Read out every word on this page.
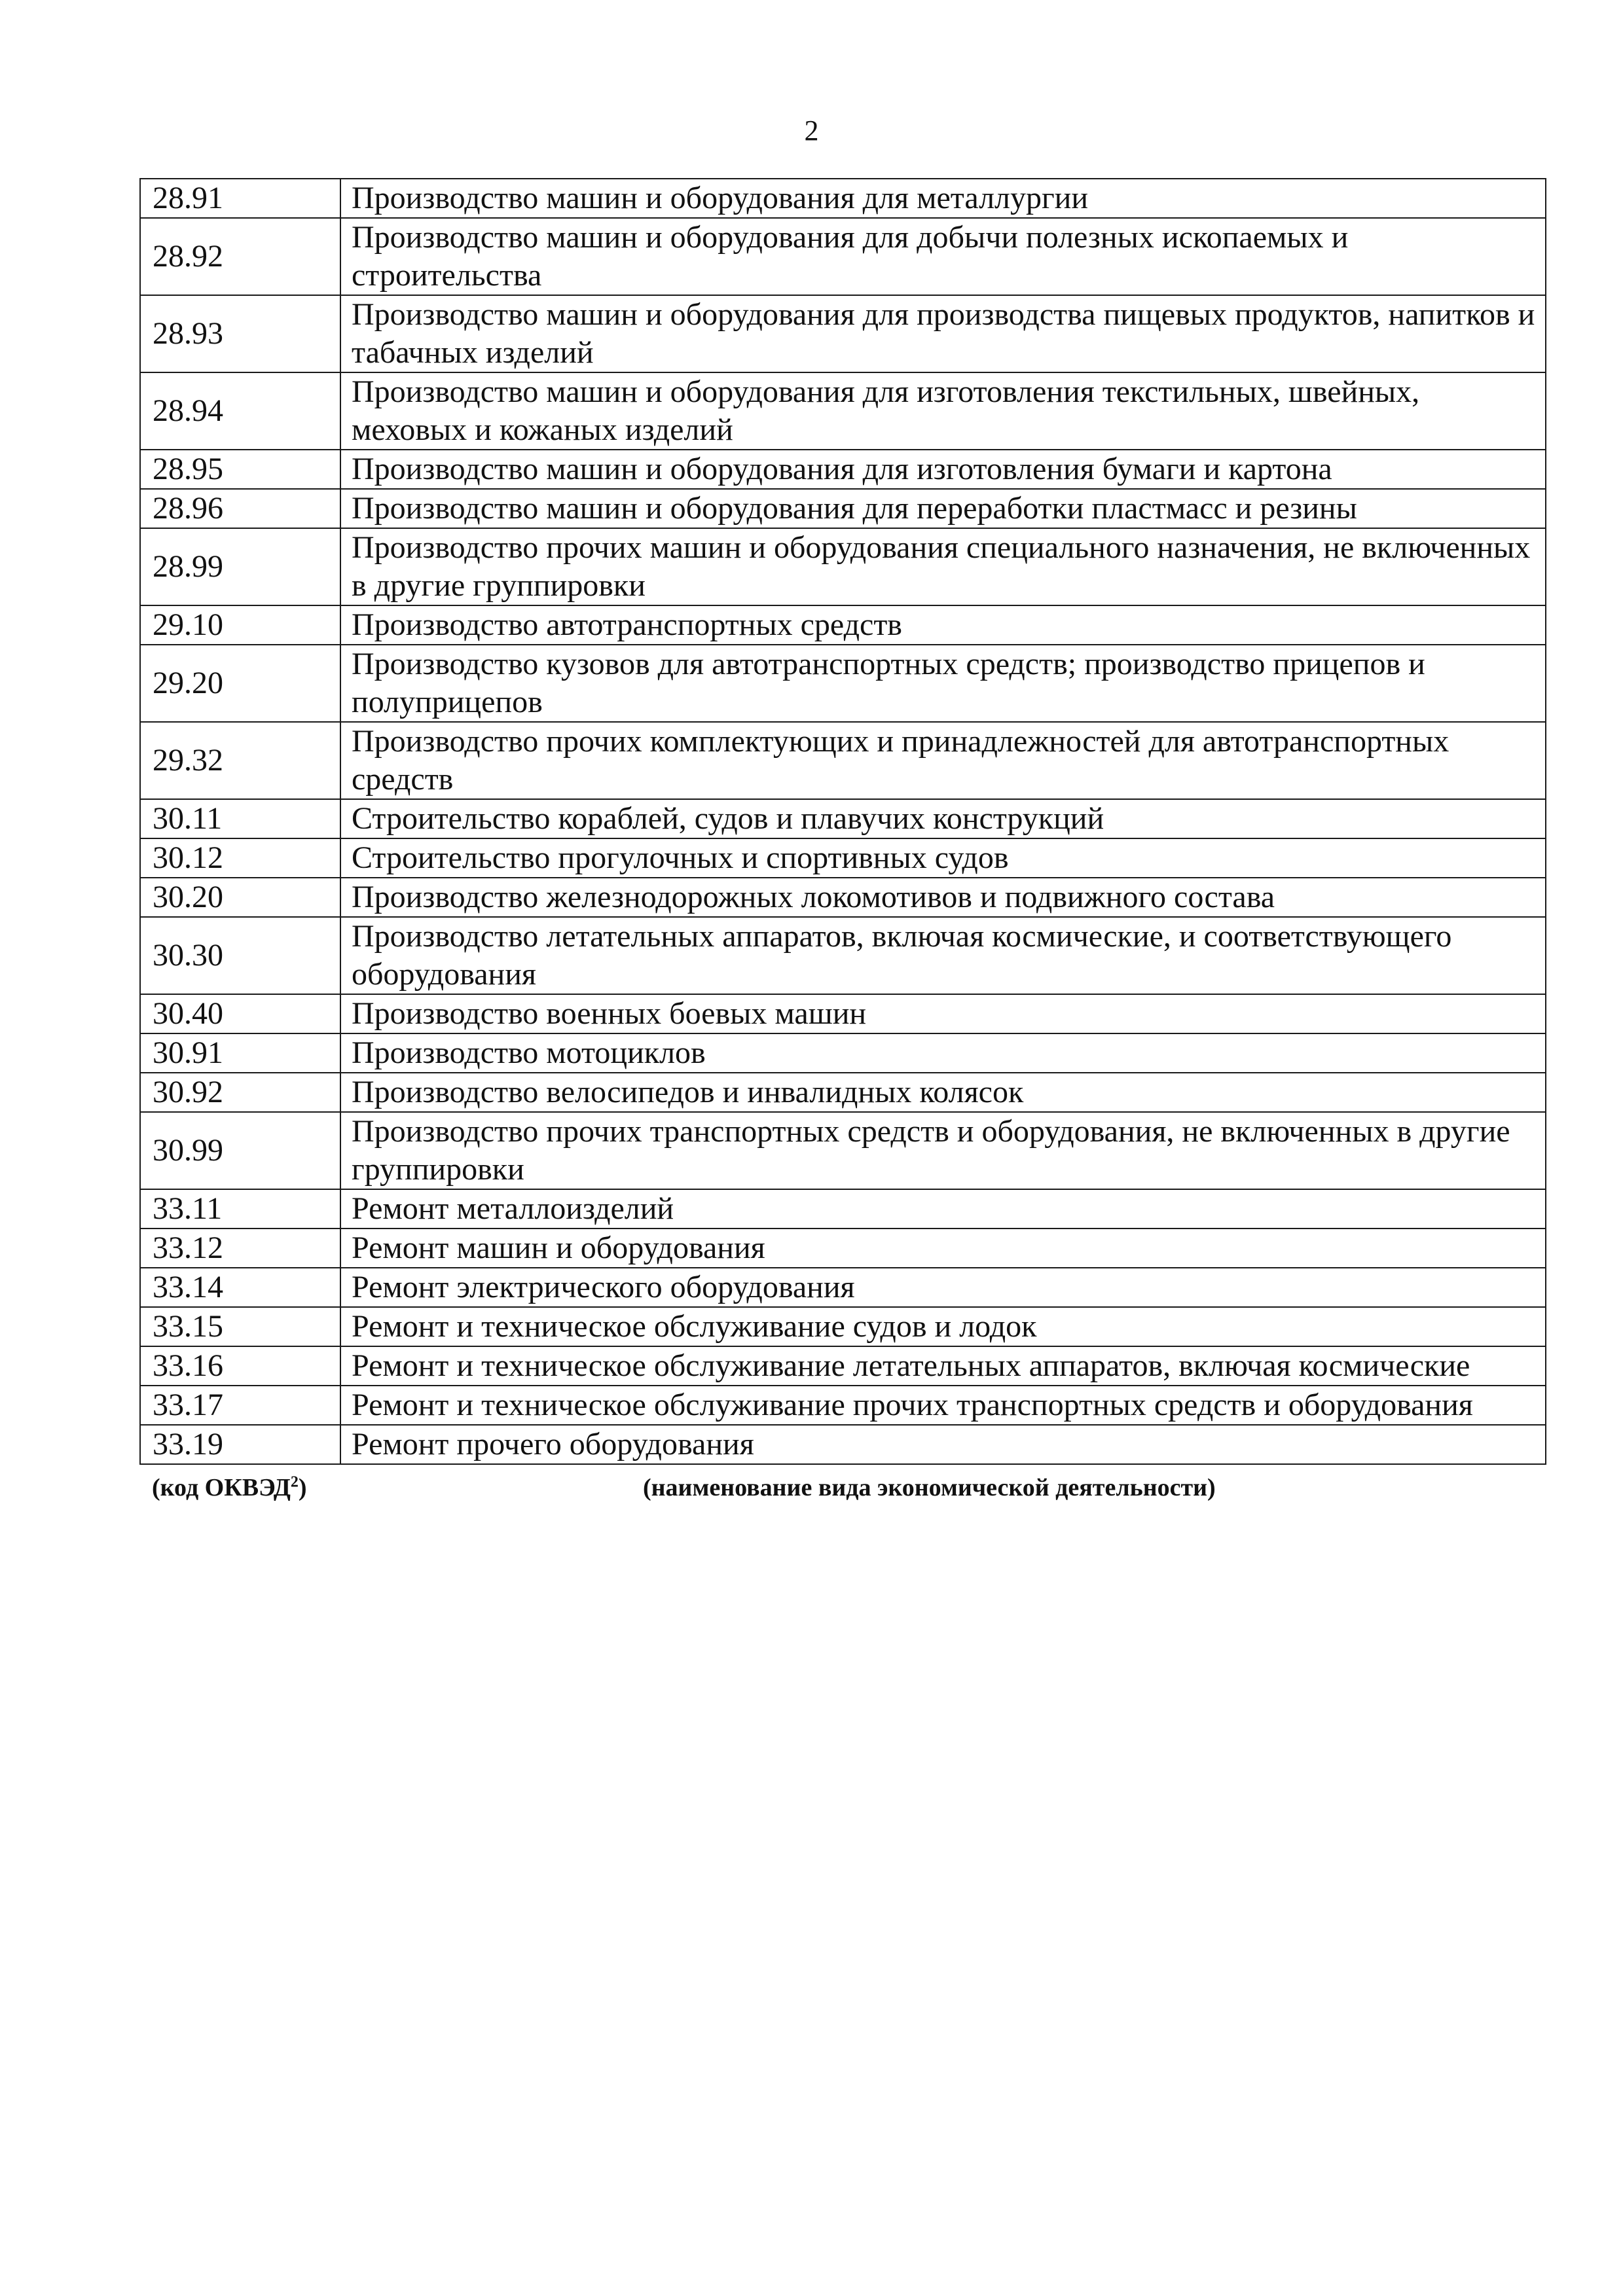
2
28.91	Производство машин и оборудования для металлургии
28.92	Производство машин и оборудования для добычи полезных ископаемых и строительства
28.93	Производство машин и оборудования для производства пищевых продуктов, напитков и табачных изделий
28.94	Производство машин и оборудования для изготовления текстильных, швейных, меховых и кожаных изделий
28.95	Производство машин и оборудования для изготовления бумаги и картона
28.96	Производство машин и оборудования для переработки пластмасс и резины
28.99	Производство прочих машин и оборудования специального назначения, не включенных в другие группировки
29.10	Производство автотранспортных средств
29.20	Производство кузовов для автотранспортных средств; производство прицепов и полуприцепов
29.32	Производство прочих комплектующих и принадлежностей для автотранспортных средств
30.11	Строительство кораблей, судов и плавучих конструкций
30.12	Строительство прогулочных и спортивных судов
30.20	Производство железнодорожных локомотивов и подвижного состава
30.30	Производство летательных аппаратов, включая космические, и соответствующего оборудования
30.40	Производство военных боевых машин
30.91	Производство мотоциклов
30.92	Производство велосипедов и инвалидных колясок
30.99	Производство прочих транспортных средств и оборудования, не включенных в другие группировки
33.11	Ремонт металлоизделий
33.12	Ремонт машин и оборудования
33.14	Ремонт электрического оборудования
33.15	Ремонт и техническое обслуживание судов и лодок
33.16	Ремонт и техническое обслуживание летательных аппаратов, включая космические
33.17	Ремонт и техническое обслуживание прочих транспортных средств и оборудования
33.19	Ремонт прочего оборудования
(код ОКВЭД$^2$)	(наименование вида экономической деятельности)
